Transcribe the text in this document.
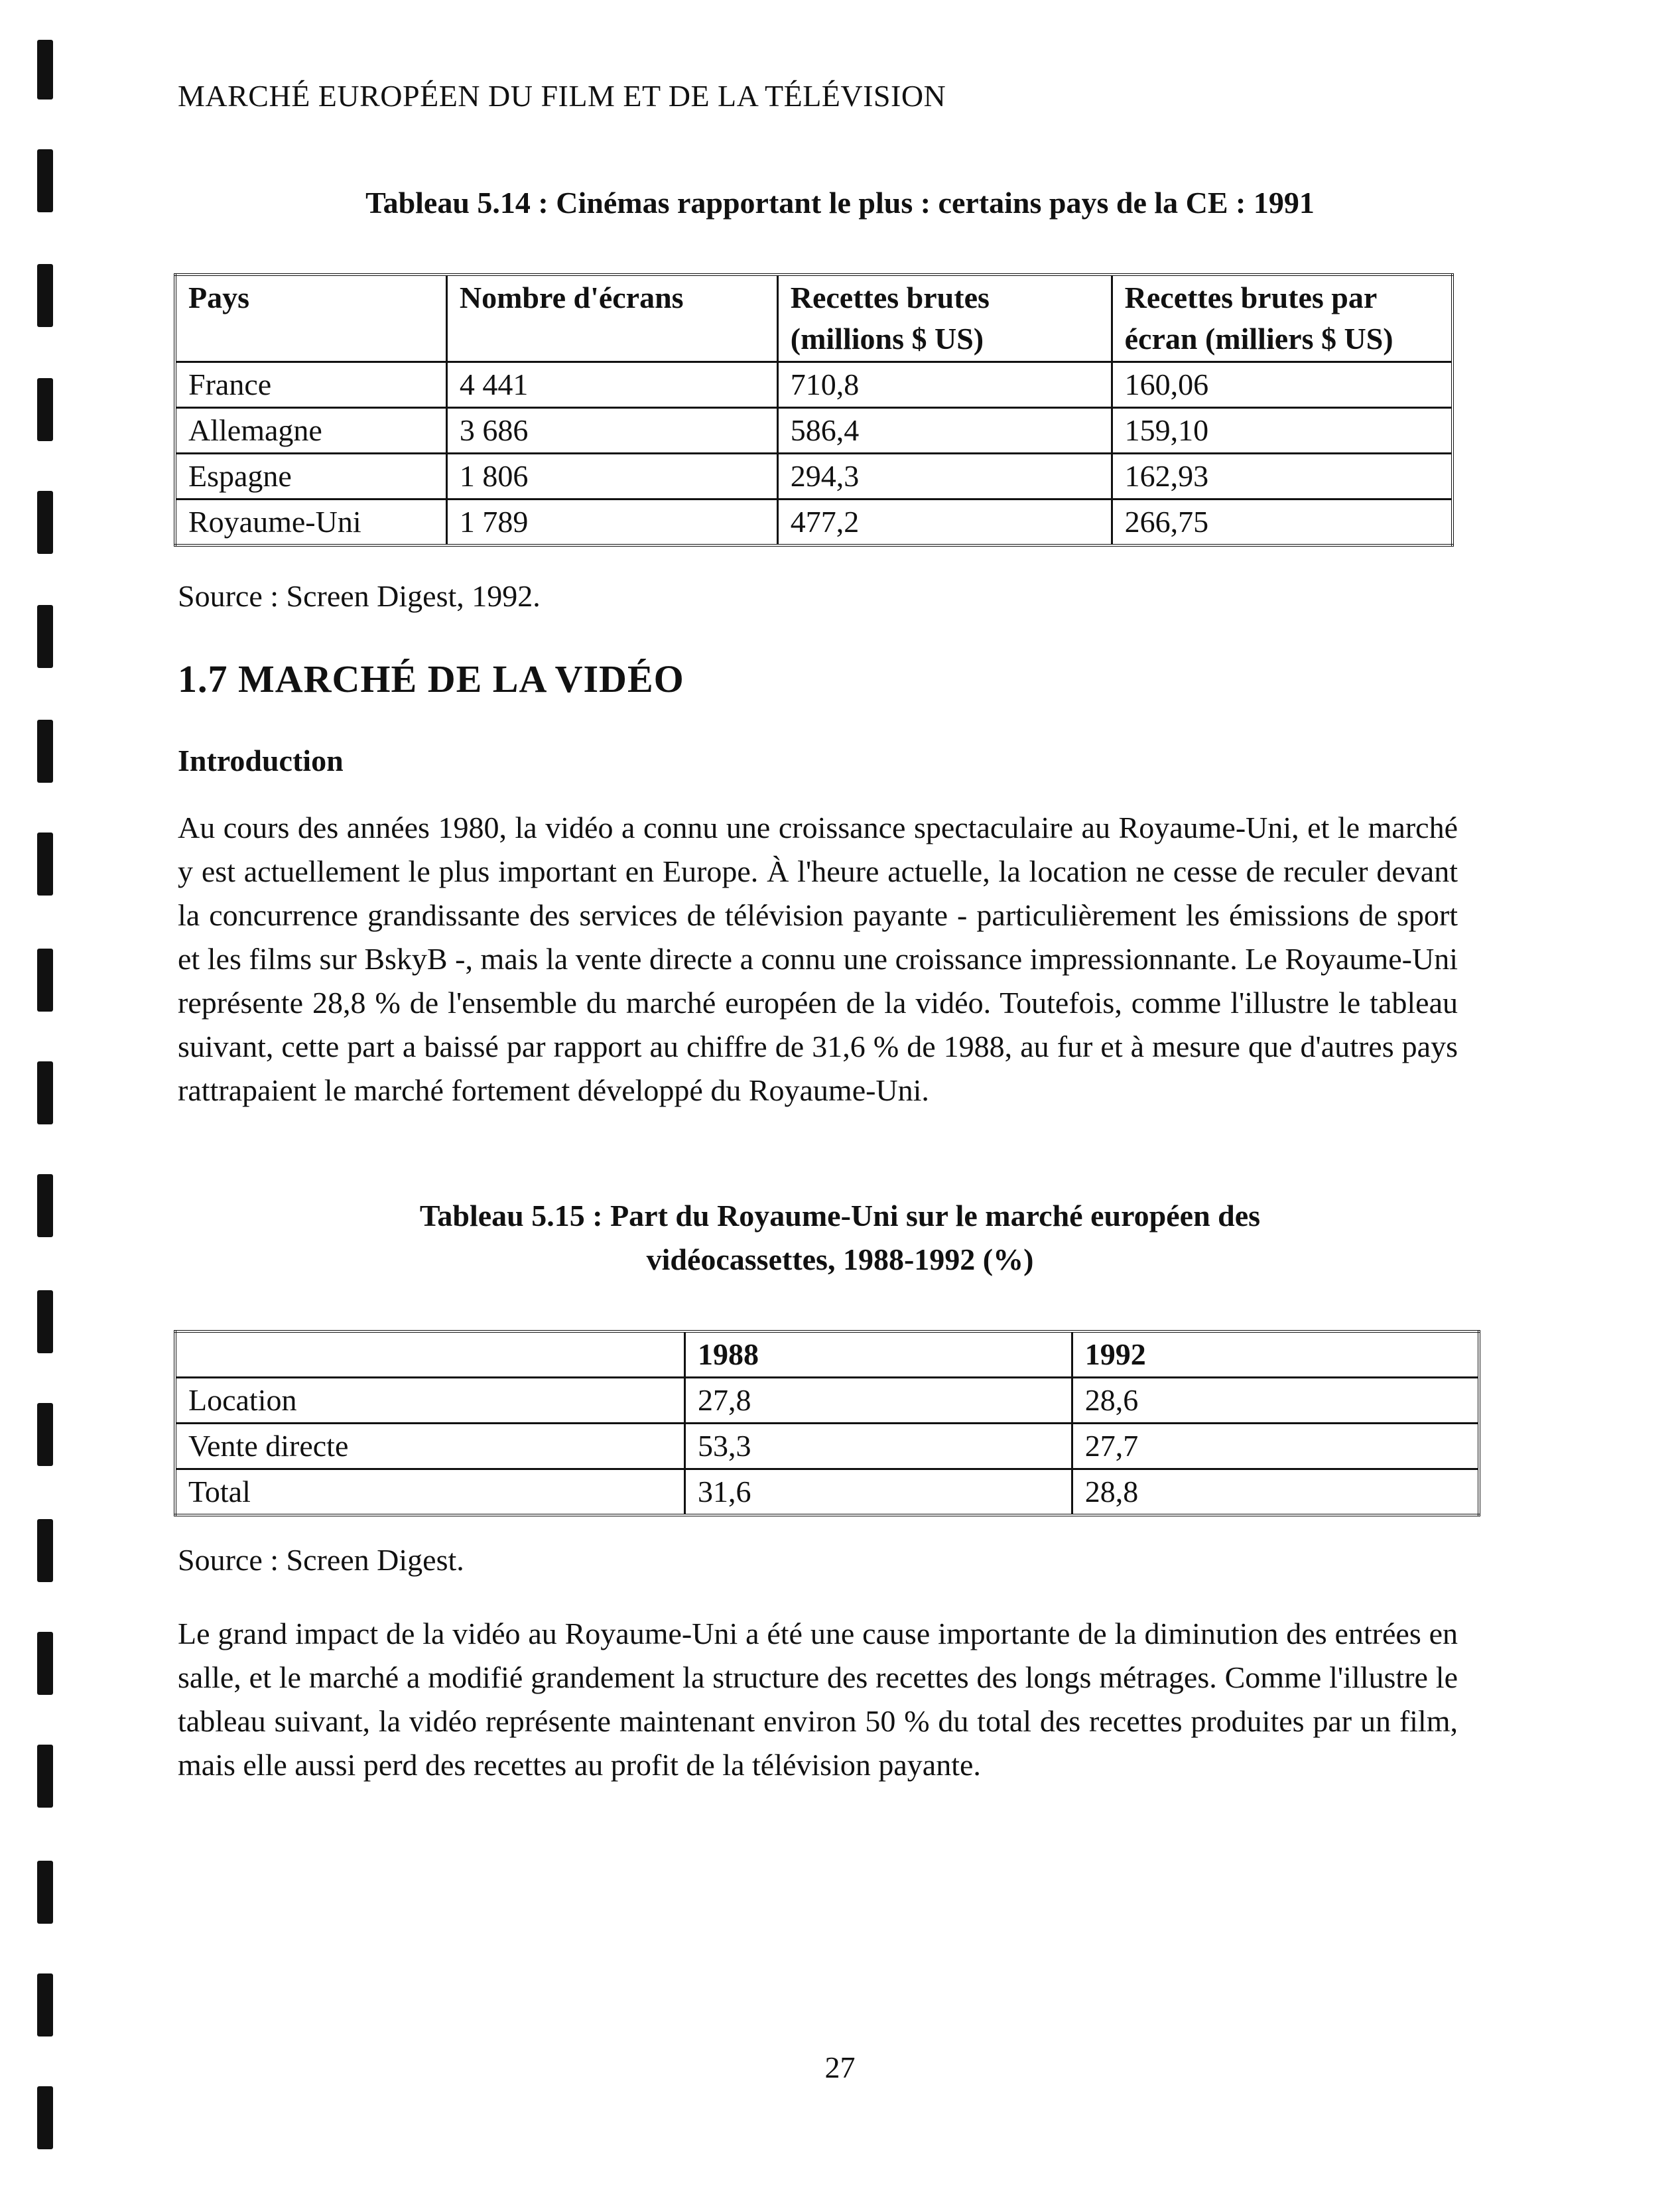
MARCHÉ EUROPÉEN DU FILM ET DE LA TÉLÉVISION
Tableau 5.14 : Cinémas rapportant le plus : certains pays de la CE : 1991
Pays	Nombre d'écrans	Recettes brutes (millions $ US)	Recettes brutes par écran (milliers $ US)
France	4 441	710,8	160,06
Allemagne	3 686	586,4	159,10
Espagne	1 806	294,3	162,93
Royaume-Uni	1 789	477,2	266,75
Source : Screen Digest, 1992.
1.7 MARCHÉ DE LA VIDÉO
Introduction
Au cours des années 1980, la vidéo a connu une croissance spectaculaire au Royaume-Uni, et le marché y est actuellement le plus important en Europe. À l'heure actuelle, la location ne cesse de reculer devant la concurrence grandissante des services de télévision payante - particulièrement les émissions de sport et les films sur BskyB -, mais la vente directe a connu une croissance impressionnante. Le Royaume-Uni représente 28,8 % de l'ensemble du marché européen de la vidéo. Toutefois, comme l'illustre le tableau suivant, cette part a baissé par rapport au chiffre de 31,6 % de 1988, au fur et à mesure que d'autres pays rattrapaient le marché fortement développé du Royaume-Uni.
Tableau 5.15 : Part du Royaume-Uni sur le marché européen des
vidéocassettes, 1988-1992 (%)
	1988	1992
Location	27,8	28,6
Vente directe	53,3	27,7
Total	31,6	28,8
Source : Screen Digest.
Le grand impact de la vidéo au Royaume-Uni a été une cause importante de la diminution des entrées en salle, et le marché a modifié grandement la structure des recettes des longs métrages. Comme l'illustre le tableau suivant, la vidéo représente maintenant environ 50 % du total des recettes produites par un film, mais elle aussi perd des recettes au profit de la télévision payante.
27
